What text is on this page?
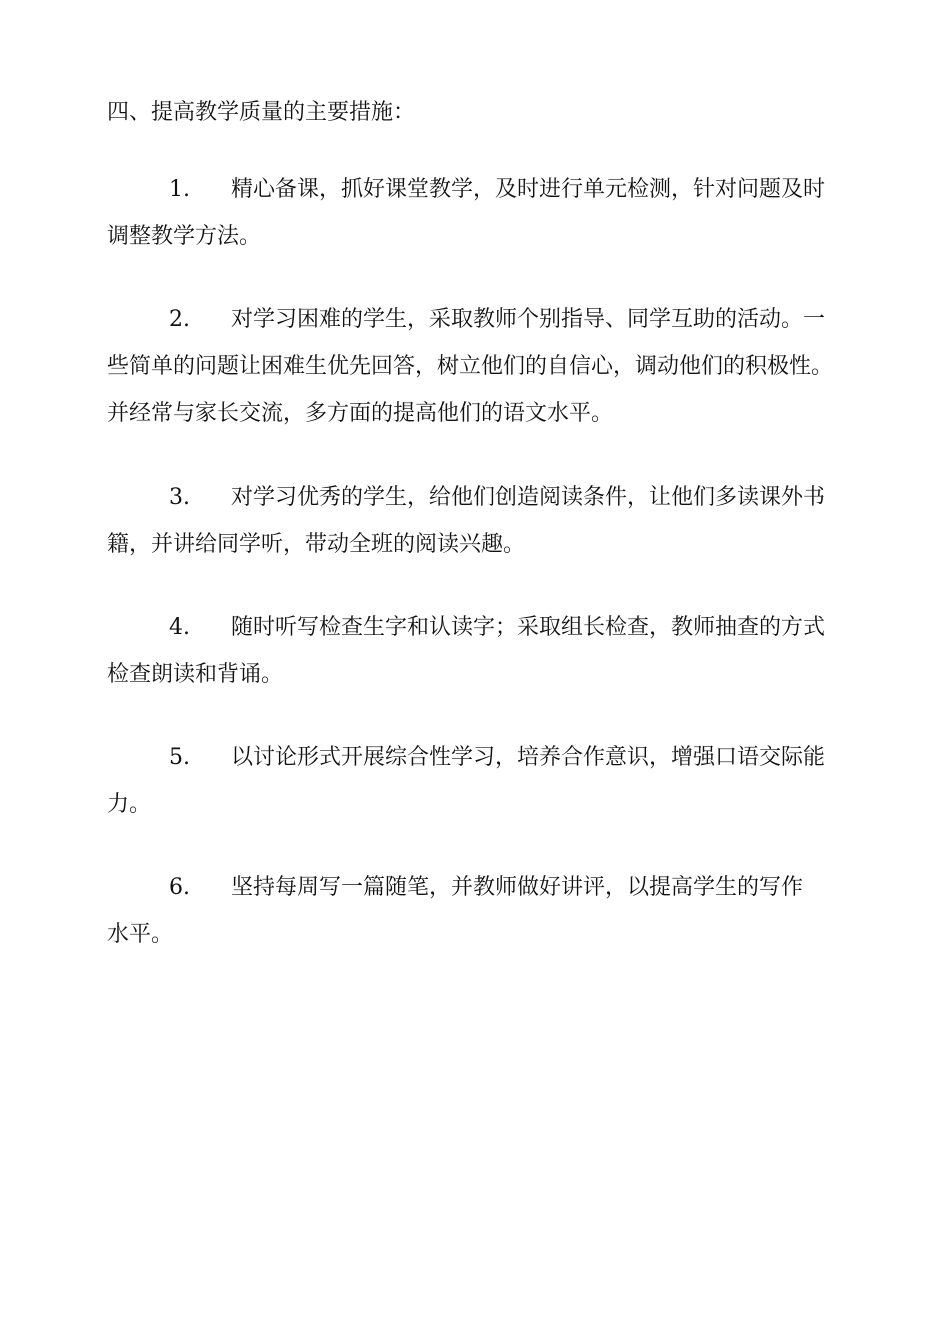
四、提高教学质量的主要措施：
1. 精心备课，抓好课堂教学，及时进行单元检测，针对问题及时
调整教学方法。
2. 对学习困难的学生，采取教师个别指导、同学互助的活动。一
些简单的问题让困难生优先回答，树立他们的自信心，调动他们的积极性。
并经常与家长交流，多方面的提高他们的语文水平。
3. 对学习优秀的学生，给他们创造阅读条件，让他们多读课外书
籍，并讲给同学听，带动全班的阅读兴趣。
4. 随时听写检查生字和认读字；采取组长检查，教师抽查的方式
检查朗读和背诵。
5. 以讨论形式开展综合性学习，培养合作意识，增强口语交际能
力。
6. 坚持每周写一篇随笔，并教师做好讲评，以提高学生的写作
水平。
